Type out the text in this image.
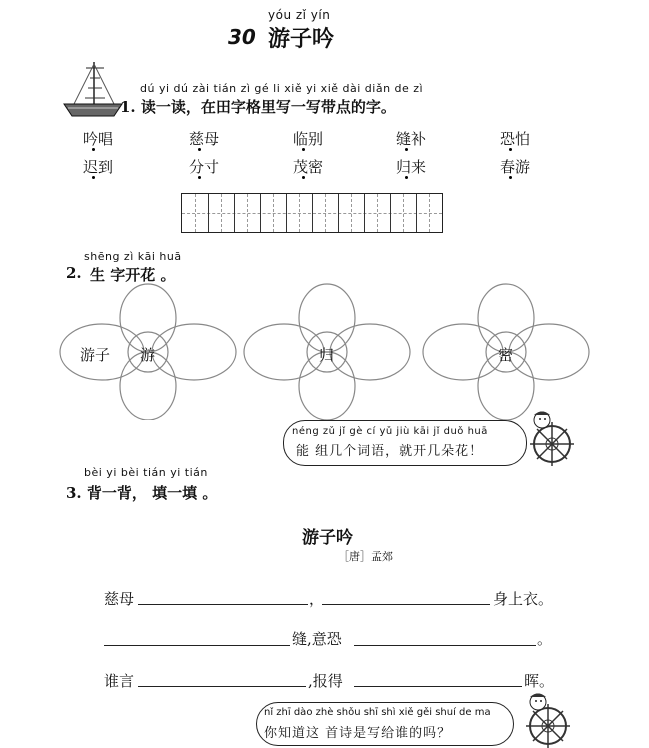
yóu zǐ yín
30 游子吟
dú yi dú zài tián zì gé li xiě yi xiě dài diǎn de zì
1. 读一读，在田字格里写一写带点的字。
吟唱	慈母	临别	缝补	恐怕
迟到	分寸	茂密	归来	春游
shēng zì kāi huā
2. 生 字开花 。
游子 游	归	密
néng zǔ jǐ gè cí yǔ jiù kāi jǐ duǒ huā
能 组几个词语，就开几朵花！
bèi yi bèi tián yi tián
3. 背一背， 填一填 。
游子吟
［唐］孟郊
慈母	，	身上衣。
缝,意恐	。
谁言	,报得	晖。
nǐ zhī dào zhè shǒu shī shì xiě gěi shuí de ma
你知道这 首诗是写给谁的吗？
